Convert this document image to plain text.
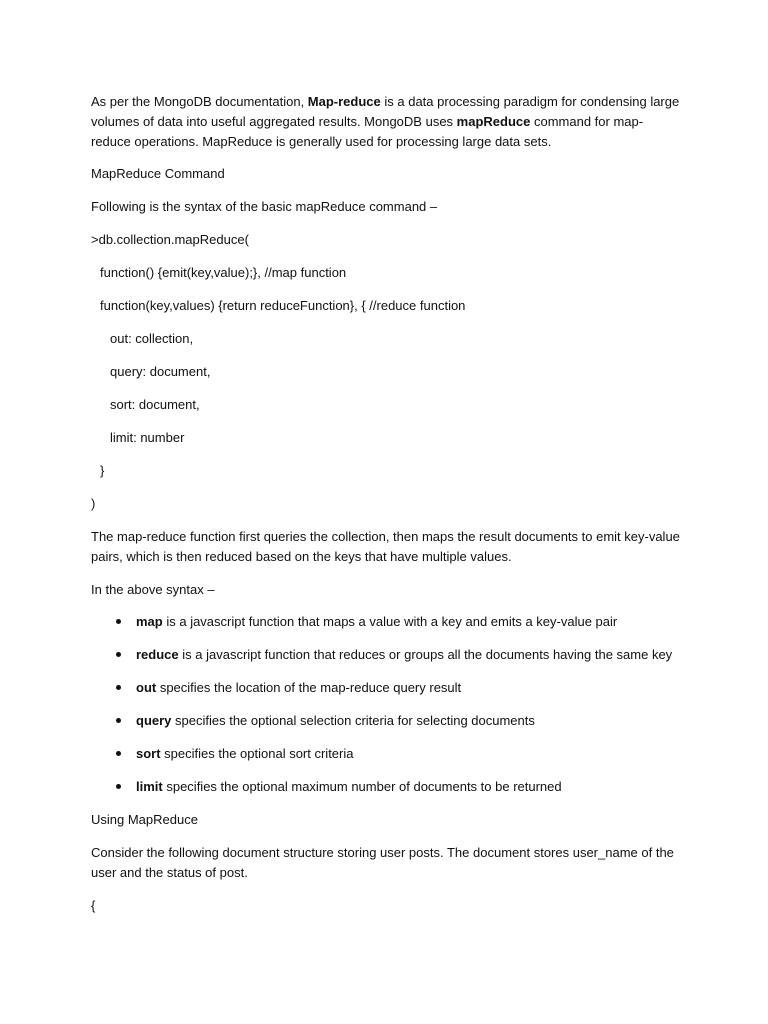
As per the MongoDB documentation, Map-reduce is a data processing paradigm for condensing large volumes of data into useful aggregated results. MongoDB uses mapReduce command for map-reduce operations. MapReduce is generally used for processing large data sets.
MapReduce Command
Following is the syntax of the basic mapReduce command –
>db.collection.mapReduce(
function() {emit(key,value);}, //map function
function(key,values) {return reduceFunction}, { //reduce function
out: collection,
query: document,
sort: document,
limit: number
}
)
The map-reduce function first queries the collection, then maps the result documents to emit key-value pairs, which is then reduced based on the keys that have multiple values.
In the above syntax –
map is a javascript function that maps a value with a key and emits a key-value pair
reduce is a javascript function that reduces or groups all the documents having the same key
out specifies the location of the map-reduce query result
query specifies the optional selection criteria for selecting documents
sort specifies the optional sort criteria
limit specifies the optional maximum number of documents to be returned
Using MapReduce
Consider the following document structure storing user posts. The document stores user_name of the user and the status of post.
{
